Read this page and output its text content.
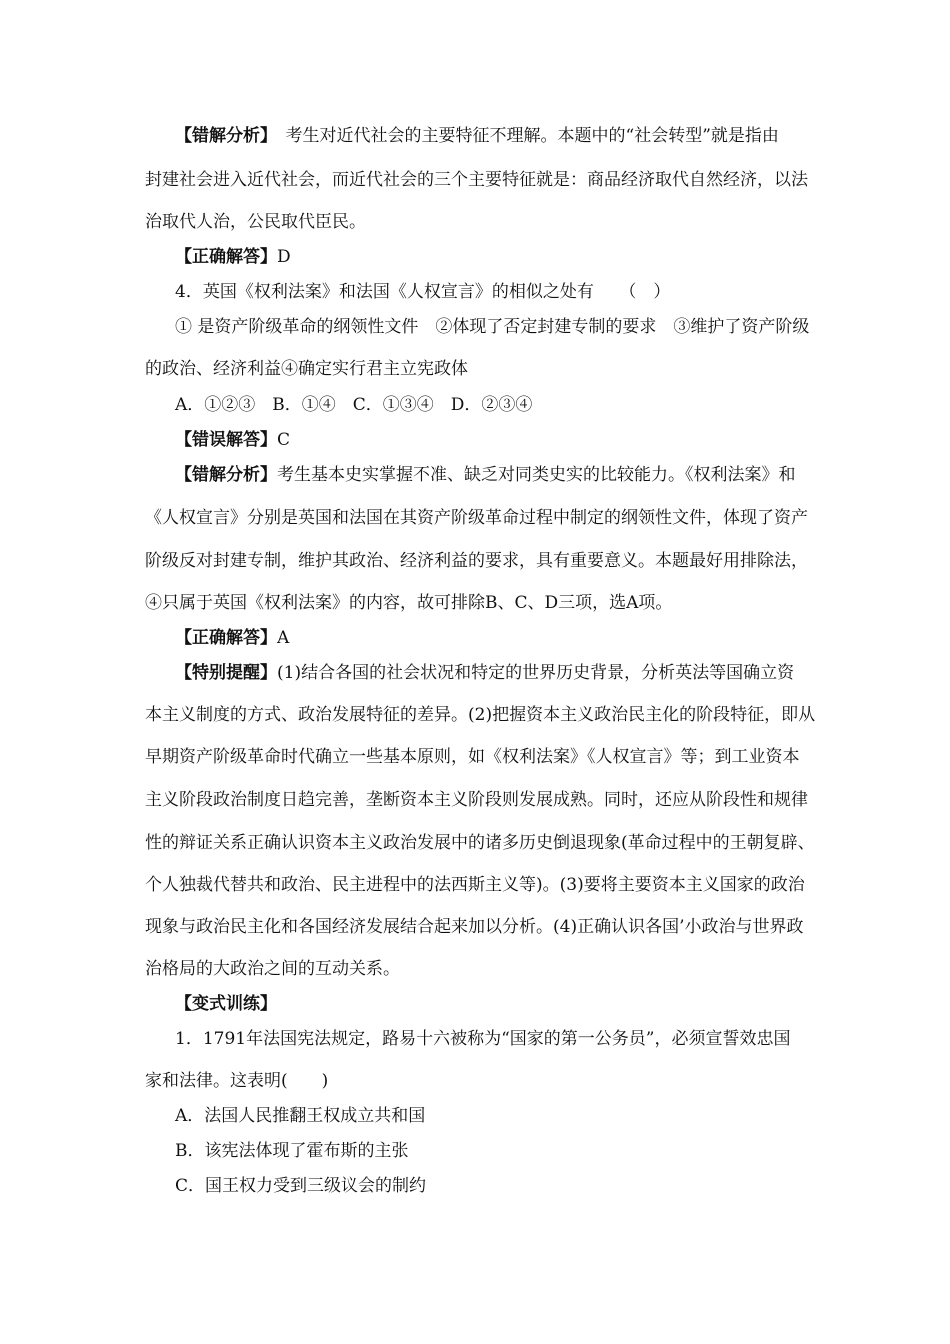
【错解分析】　考生对近代社会的主要特征不理解。本题中的“社会转型”就是指由
封建社会进入近代社会，而近代社会的三个主要特征就是：商品经济取代自然经济，以法
治取代人治，公民取代臣民。
【正确解答】D
4．英国《权利法案》和法国《人权宣言》的相似之处有　　（　）
① 是资产阶级革命的纲领性文件　②体现了否定封建专制的要求　③维护了资产阶级
的政治、经济利益④确定实行君主立宪政体
A．①②③　B．①④　C．①③④　D．②③④
【错误解答】C
【错解分析】考生基本史实掌握不准、缺乏对同类史实的比较能力。《权利法案》和
《人权宣言》分别是英国和法国在其资产阶级革命过程中制定的纲领性文件，体现了资产
阶级反对封建专制，维护其政治、经济利益的要求，具有重要意义。本题最好用排除法，
④只属于英国《权利法案》的内容，故可排除B、C、D三项，选A项。
【正确解答】A
【特别提醒】(1)结合各国的社会状况和特定的世界历史背景，分析英法等国确立资
本主义制度的方式、政治发展特征的差异。(2)把握资本主义政治民主化的阶段特征，即从
早期资产阶级革命时代确立一些基本原则，如《权利法案》《人权宣言》等；到工业资本
主义阶段政治制度日趋完善，垄断资本主义阶段则发展成熟。同时，还应从阶段性和规律
性的辩证关系正确认识资本主义政治发展中的诸多历史倒退现象(革命过程中的王朝复辟、
个人独裁代替共和政治、民主进程中的法西斯主义等)。(3)要将主要资本主义国家的政治
现象与政治民主化和各国经济发展结合起来加以分析。(4)正确认识各国’小政治与世界政
治格局的大政治之间的互动关系。
【变式训练】
1．1791年法国宪法规定，路易十六被称为“国家的第一公务员”，必须宣誓效忠国
家和法律。这表明(　　)
A．法国人民推翻王权成立共和国
B．该宪法体现了霍布斯的主张
C．国王权力受到三级议会的制约
